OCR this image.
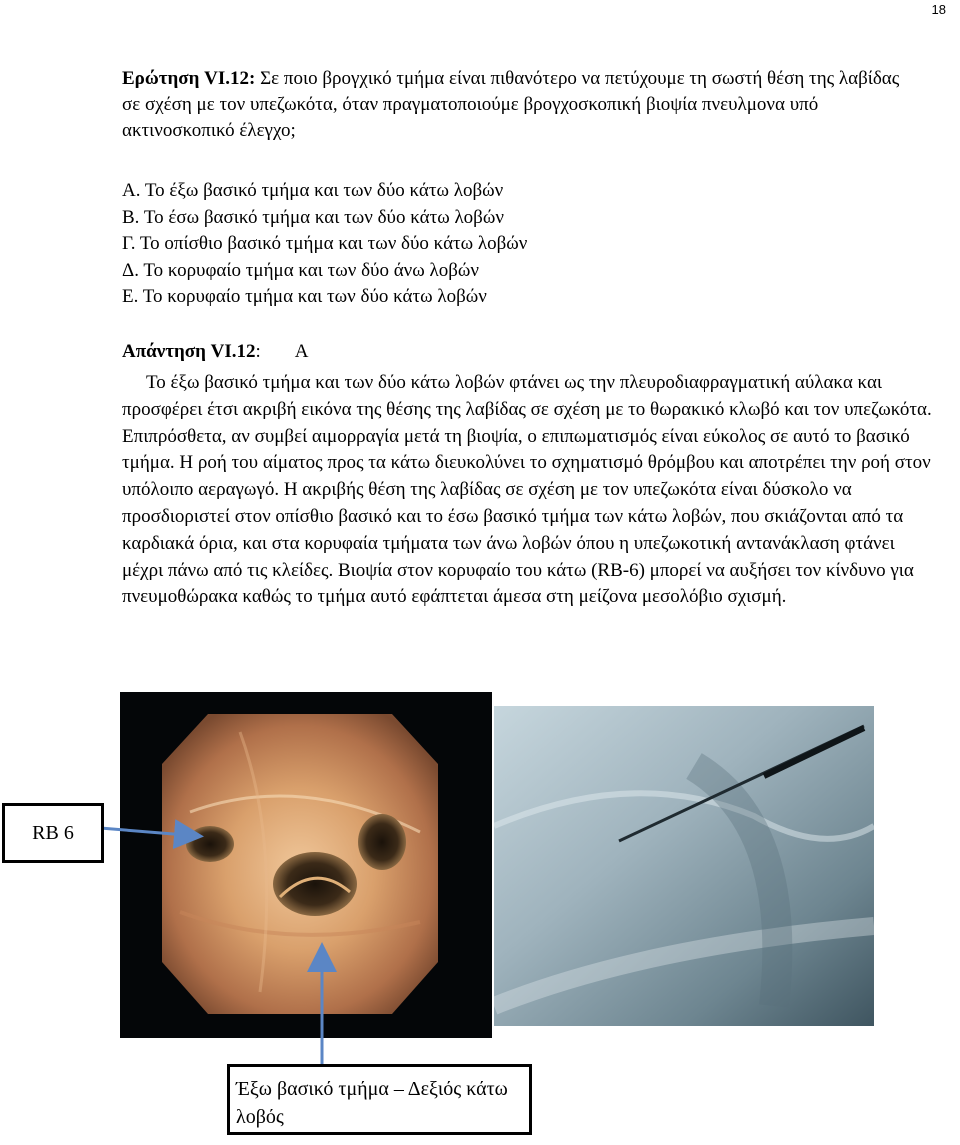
18
Ερώτηση VI.12: Σε ποιο βρογχικό τμήμα είναι πιθανότερο να πετύχουμε τη σωστή θέση της λαβίδας σε σχέση με τον υπεζωκότα, όταν πραγματοποιούμε βρογχοσκοπική βιοψία πνευλμονα υπό ακτινοσκοπικό έλεγχο;
Α. Το έξω βασικό τμήμα και των δύο κάτω λοβών
Β. Το έσω βασικό τμήμα και των δύο κάτω λοβών
Γ. Το οπίσθιο βασικό τμήμα και των δύο κάτω λοβών
Δ. Το κορυφαίο τμήμα και των δύο άνω λοβών
Ε. Το κορυφαίο τμήμα και των δύο κάτω λοβών
Απάντηση VI.12: Α
Το έξω βασικό τμήμα και των δύο κάτω λοβών φτάνει ως την πλευροδιαφραγματική αύλακα και προσφέρει έτσι ακριβή εικόνα της θέσης της λαβίδας σε σχέση με το θωρακικό κλωβό και τον υπεζωκότα. Επιπρόσθετα, αν συμβεί αιμορραγία μετά τη βιοψία, ο επιπωματισμός είναι εύκολος σε αυτό το βασικό τμήμα. Η ροή του αίματος προς τα κάτω διευκολύνει το σχηματισμό θρόμβου και αποτρέπει την ροή στον υπόλοιπο αεραγωγό. Η ακριβής θέση της λαβίδας σε σχέση με τον υπεζωκότα είναι δύσκολο να προσδιοριστεί στον οπίσθιο βασικό και το έσω βασικό τμήμα των κάτω λοβών, που σκιάζονται από τα καρδιακά όρια, και στα κορυφαία τμήματα των άνω λοβών όπου η υπεζωκοτική αντανάκλαση φτάνει μέχρι πάνω από τις κλείδες. Βιοψία στον κορυφαίο του κάτω (RB-6) μπορεί να αυξήσει τον κίνδυνο για πνευμοθώρακα καθώς το τμήμα αυτό εφάπτεται άμεσα στη μείζονα μεσολόβιο σχισμή.
RB 6
Έξω βασικό τμήμα – Δεξιός κάτω λοβός
